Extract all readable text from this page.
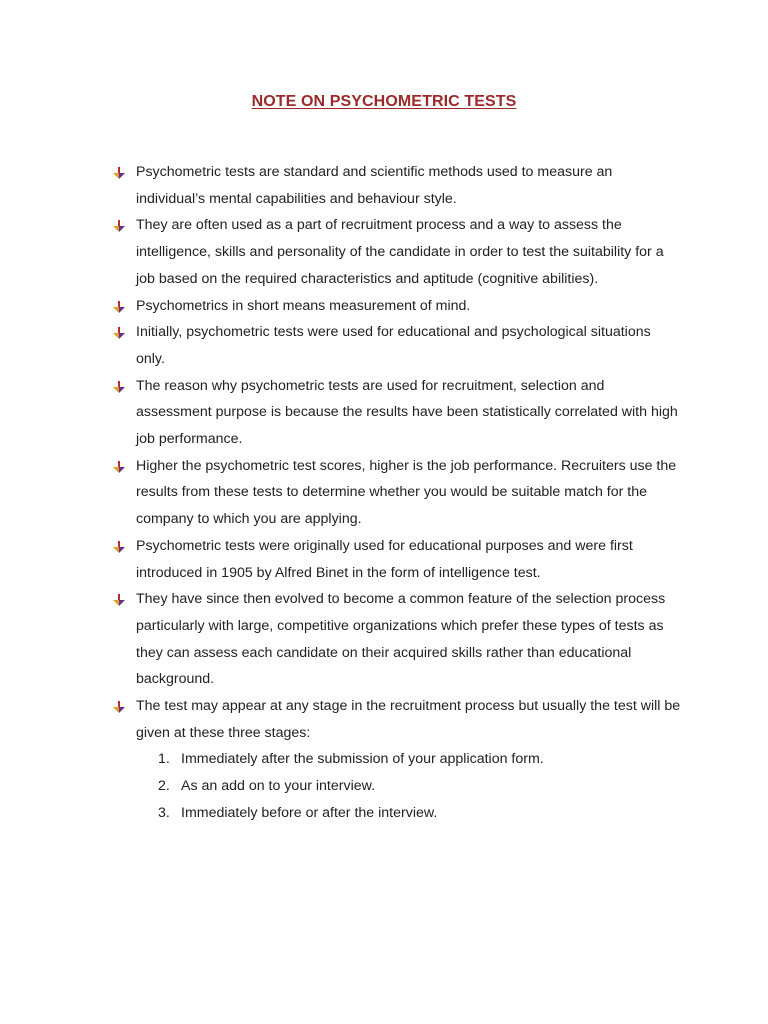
NOTE ON PSYCHOMETRIC TESTS
Psychometric tests are standard and scientific methods used to measure an individual’s mental capabilities and behaviour style.
They are often used as a part of recruitment process and a way to assess the intelligence, skills and personality of the candidate in order to test the suitability for a job based on the required characteristics and aptitude (cognitive abilities).
Psychometrics in short means measurement of mind.
Initially, psychometric tests were used for educational and psychological situations only.
The reason why psychometric tests are used for recruitment, selection and assessment purpose is because the results have been statistically correlated with high job performance.
Higher the psychometric test scores, higher is the job performance. Recruiters use the results from these tests to determine whether you would be suitable match for the company to which you are applying.
Psychometric tests were originally used for educational purposes and were first introduced in 1905 by Alfred Binet in the form of intelligence test.
They have since then evolved to become a common feature of the selection process particularly with large, competitive organizations which prefer these types of tests as they can assess each candidate on their acquired skills rather than educational background.
The test may appear at any stage in the recruitment process but usually the test will be given at these three stages:
1. Immediately after the submission of your application form.
2. As an add on to your interview.
3. Immediately before or after the interview.
